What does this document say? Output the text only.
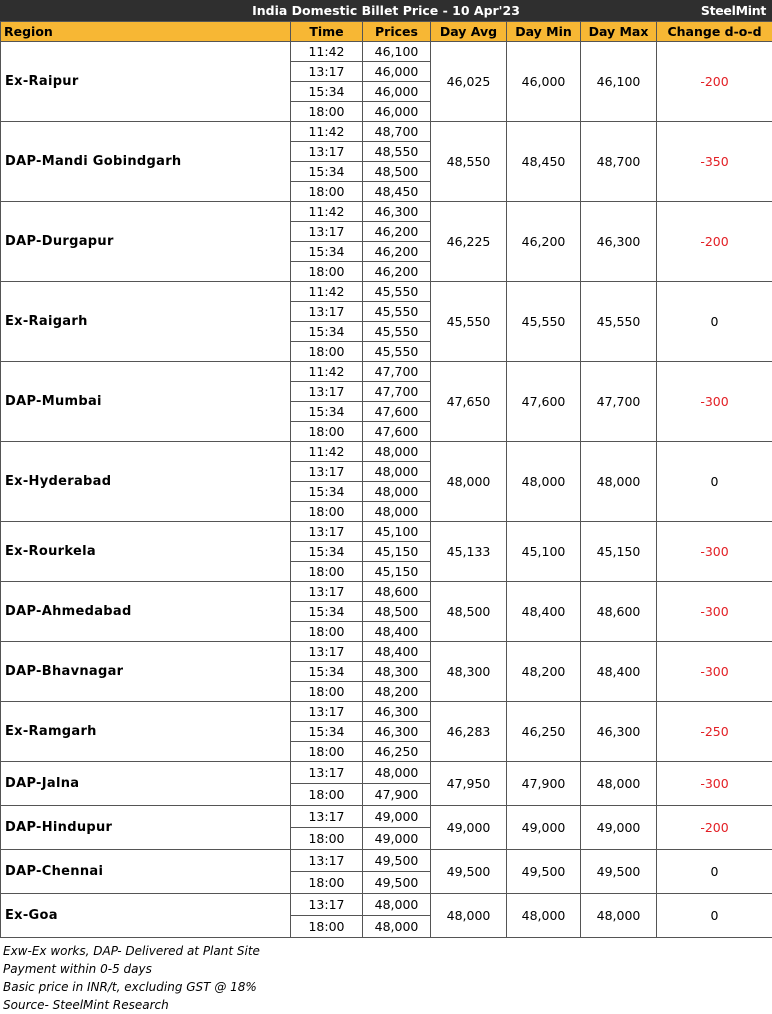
India Domestic Billet Price - 10 Apr'23	SteelMint
Region	Time	Prices	Day Avg	Day Min	Day Max	Change d-o-d
Ex-Raipur	11:42	46,100	46,025	46,000	46,100	-200
	13:17	46,000				
	15:34	46,000				
	18:00	46,000				
DAP-Mandi Gobindgarh	11:42	48,700	48,550	48,450	48,700	-350
	13:17	48,550				
	15:34	48,500				
	18:00	48,450				
DAP-Durgapur	11:42	46,300	46,225	46,200	46,300	-200
	13:17	46,200				
	15:34	46,200				
	18:00	46,200				
Ex-Raigarh	11:42	45,550	45,550	45,550	45,550	0
	13:17	45,550				
	15:34	45,550				
	18:00	45,550				
DAP-Mumbai	11:42	47,700	47,650	47,600	47,700	-300
	13:17	47,700				
	15:34	47,600				
	18:00	47,600				
Ex-Hyderabad	11:42	48,000	48,000	48,000	48,000	0
	13:17	48,000				
	15:34	48,000				
	18:00	48,000				
Ex-Rourkela	13:17	45,100	45,133	45,100	45,150	-300
	15:34	45,150				
	18:00	45,150				
DAP-Ahmedabad	13:17	48,600	48,500	48,400	48,600	-300
	15:34	48,500				
	18:00	48,400				
DAP-Bhavnagar	13:17	48,400	48,300	48,200	48,400	-300
	15:34	48,300				
	18:00	48,200				
Ex-Ramgarh	13:17	46,300	46,283	46,250	46,300	-250
	15:34	46,300				
	18:00	46,250				
DAP-Jalna	13:17	48,000	47,950	47,900	48,000	-300
	18:00	47,900				
DAP-Hindupur	13:17	49,000	49,000	49,000	49,000	-200
	18:00	49,000				
DAP-Chennai	13:17	49,500	49,500	49,500	49,500	0
	18:00	49,500				
Ex-Goa	13:17	48,000	48,000	48,000	48,000	0
	18:00	48,000				
Exw-Ex works, DAP- Delivered at Plant Site
Payment within 0-5 days
Basic price in INR/t, excluding GST @ 18%
Source- SteelMint Research
